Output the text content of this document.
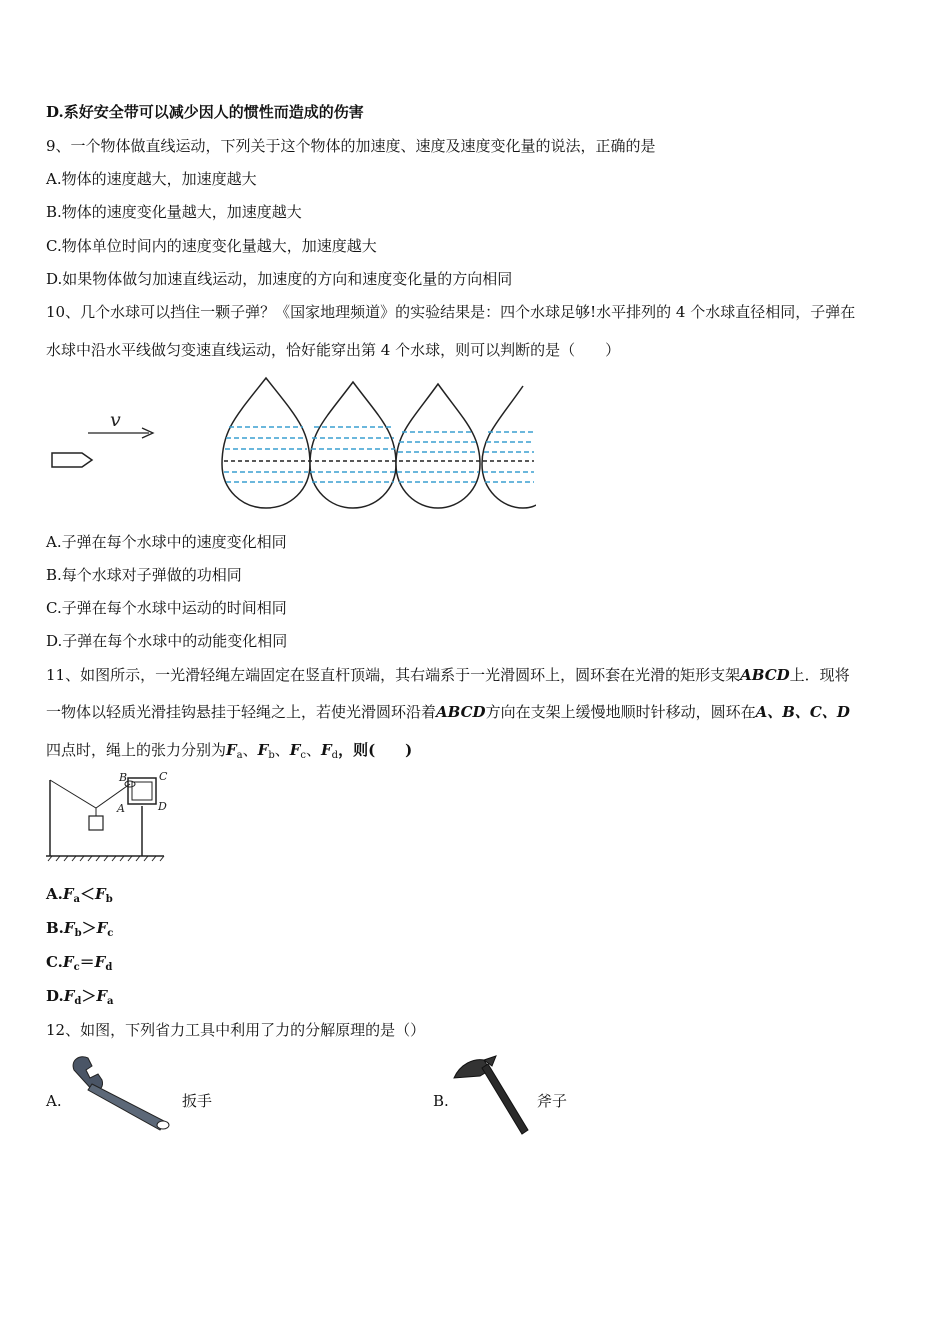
D.系好安全带可以减少因人的惯性而造成的伤害
9、一个物体做直线运动，下列关于这个物体的加速度、速度及速度变化量的说法，正确的是
A.物体的速度越大，加速度越大
B.物体的速度变化量越大，加速度越大
C.物体单位时间内的速度变化量越大，加速度越大
D.如果物体做匀加速直线运动，加速度的方向和速度变化量的方向相同
10、几个水球可以挡住一颗子弹？《国家地理频道》的实验结果是：四个水球足够!水平排列的 4 个水球直径相同，子弹在
水球中沿水平线做匀变速直线运动，恰好能穿出第 4 个水球，则可以判断的是（　　）
v
A.子弹在每个水球中的速度变化相同
B.每个水球对子弹做的功相同
C.子弹在每个水球中运动的时间相同
D.子弹在每个水球中的动能变化相同
11、如图所示，一光滑轻绳左端固定在竖直杆顶端，其右端系于一光滑圆环上，圆环套在光滑的矩形支架ABCD上．现将
一物体以轻质光滑挂钩悬挂于轻绳之上，若使光滑圆环沿着ABCD方向在支架上缓慢地顺时针移动，圆环在A、B、C、D
四点时，绳上的张力分别为$F_a$、$F_b$、$F_c$、$F_d$，则(　　)
A
B	C
D
$A.F_a<F_b$
$B.F_b>F_c$
$C.F_c=F_d$
$D.F_d>F_a$
12、如图，下列省力工具中利用了力的分解原理的是（）
A.	扳手	B.	斧子
